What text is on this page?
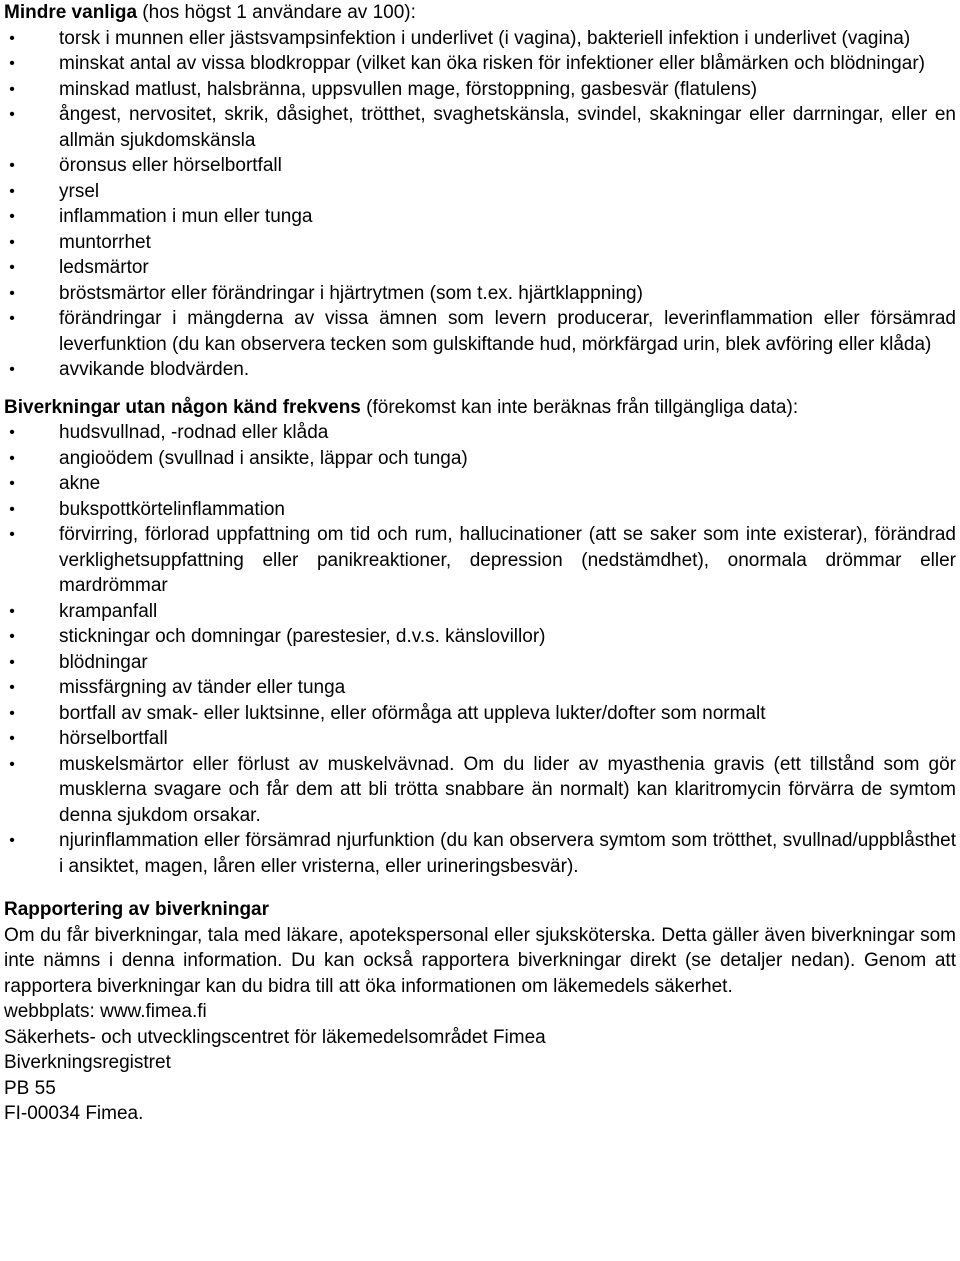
Mindre vanliga (hos högst 1 användare av 100):

• torsk i munnen eller jästsvampsinfektion i underlivet (i vagina), bakteriell infektion i underlivet (vagina)
• minskat antal av vissa blodkroppar (vilket kan öka risken för infektioner eller blåmärken och blödningar)
• minskad matlust, halsbränna, uppsvullen mage, förstoppning, gasbesvär (flatulens)
• ångest, nervositet, skrik, dåsighet, trötthet, svaghetskänsla, svindel, skakningar eller darrningar, eller en allmän sjukdomskänsla
• öronsus eller hörselbortfall
• yrsel
• inflammation i mun eller tunga
• muntorrhet
• ledsmärtor
• bröstsmärtor eller förändringar i hjärtrytmen (som t.ex. hjärtklappning)
• förändringar i mängderna av vissa ämnen som levern producerar, leverinflammation eller försämrad leverfunktion (du kan observera tecken som gulskiftande hud, mörkfärgad urin, blek avföring eller klåda)
• avvikande blodvärden.

Biverkningar utan någon känd frekvens (förekomst kan inte beräknas från tillgängliga data):

• hudsvullnad, -rodnad eller klåda
• angioödem (svullnad i ansikte, läppar och tunga)
• akne
• bukspottkörtelinflammation
• förvirring, förlorad uppfattning om tid och rum, hallucinationer (att se saker som inte existerar), förändrad verklighetsuppfattning eller panikreaktioner, depression (nedstämdhet), onormala drömmar eller mardrömmar
• krampanfall
• stickningar och domningar (parestesier, d.v.s. känslovillor)
• blödningar
• missfärgning av tänder eller tunga
• bortfall av smak- eller luktsinne, eller oförmåga att uppleva lukter/dofter som normalt
• hörselbortfall
• muskelsmärtor eller förlust av muskelvävnad. Om du lider av myasthenia gravis (ett tillstånd som gör musklerna svagare och får dem att bli trötta snabbare än normalt) kan klaritromycin förvärra de symtom denna sjukdom orsakar.
• njurinflammation eller försämrad njurfunktion (du kan observera symtom som trötthet, svullnad/uppblåsthet i ansiktet, magen, låren eller vristerna, eller urineringsbesvär).

Rapportering av biverkningar

Om du får biverkningar, tala med läkare, apotekspersonal eller sjuksköterska. Detta gäller även biverkningar som inte nämns i denna information. Du kan också rapportera biverkningar direkt (se detaljer nedan). Genom att rapportera biverkningar kan du bidra till att öka informationen om läkemedels säkerhet.

webbplats: www.fimea.fi

Säkerhets- och utvecklingscentret för läkemedelsområdet Fimea

Biverkningsregistret

PB 55

FI-00034 Fimea.
